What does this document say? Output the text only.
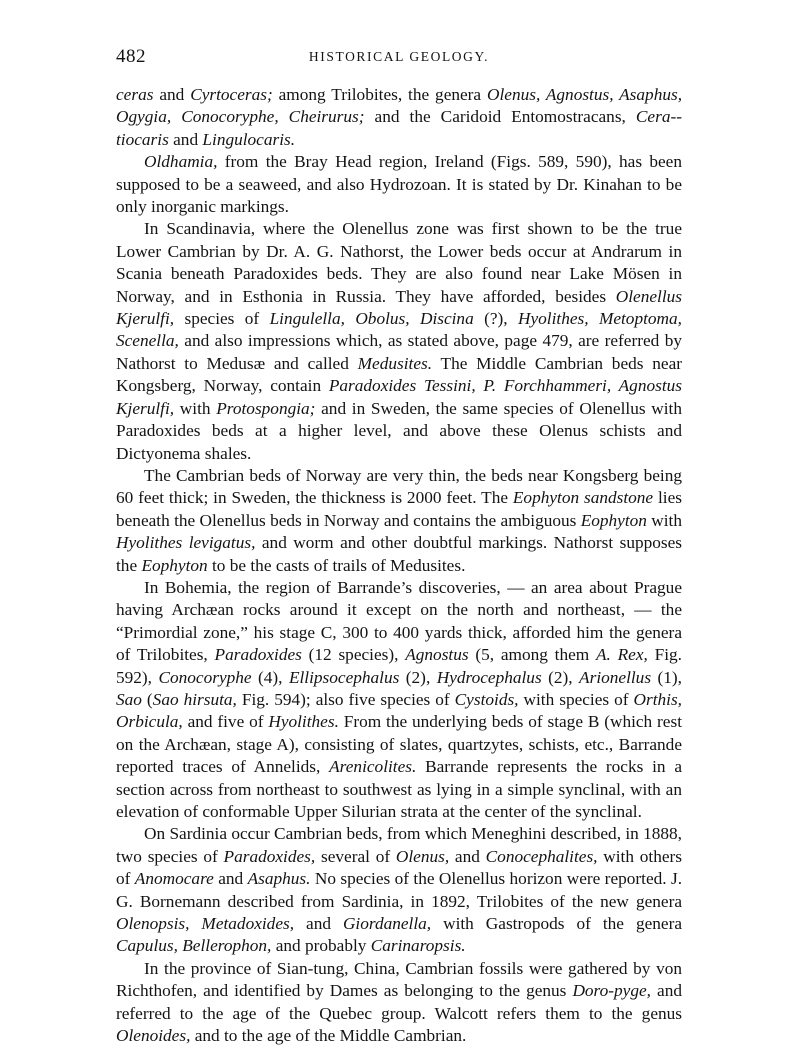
482	HISTORICAL GEOLOGY.

ceras and Cyrtoceras; among Trilobites, the genera Olenus, Agnostus, Asaphus, Ogygia, Conocoryphe, Cheirurus; and the Caridoid Entomostracans, Cera-tiocaris and Lingulocaris.

Oldhamia, from the Bray Head region, Ireland (Figs. 589, 590), has been supposed to be a seaweed, and also Hydrozoan. It is stated by Dr. Kinahan to be only inorganic markings.

In Scandinavia, where the Olenellus zone was first shown to be the true Lower Cambrian by Dr. A. G. Nathorst, the Lower beds occur at Andrarum in Scania beneath Paradoxides beds. They are also found near Lake Mösen in Norway, and in Esthonia in Russia. They have afforded, besides Olenellus Kjerulfi, species of Lingulella, Obolus, Discina (?), Hyolithes, Metoptoma, Scenella, and also impressions which, as stated above, page 479, are referred by Nathorst to Medusæ and called Medusites. The Middle Cambrian beds near Kongsberg, Norway, contain Paradoxides Tessini, P. Forchhammeri, Agnostus Kjerulfi, with Protospongia; and in Sweden, the same species of Olenellus with Paradoxides beds at a higher level, and above these Olenus schists and Dictyonema shales.

The Cambrian beds of Norway are very thin, the beds near Kongsberg being 60 feet thick; in Sweden, the thickness is 2000 feet. The Eophyton sandstone lies beneath the Olenellus beds in Norway and contains the ambiguous Eophyton with Hyolithes levigatus, and worm and other doubtful markings. Nathorst supposes the Eophyton to be the casts of trails of Medusites.

In Bohemia, the region of Barrande’s discoveries, — an area about Prague having Archæan rocks around it except on the north and northeast, — the “Primordial zone,” his stage C, 300 to 400 yards thick, afforded him the genera of Trilobites, Paradoxides (12 species), Agnostus (5, among them A. Rex, Fig. 592), Conocoryphe (4), Ellipsocephalus (2), Hydrocephalus (2), Arionellus (1), Sao (Sao hirsuta, Fig. 594); also five species of Cystoids, with species of Orthis, Orbicula, and five of Hyolithes. From the underlying beds of stage B (which rest on the Archæan, stage A), consisting of slates, quartzytes, schists, etc., Barrande reported traces of Annelids, Arenicolites. Barrande represents the rocks in a section across from northeast to southwest as lying in a simple synclinal, with an elevation of conformable Upper Silurian strata at the center of the synclinal.

On Sardinia occur Cambrian beds, from which Meneghini described, in 1888, two species of Paradoxides, several of Olenus, and Conocephalites, with others of Anomocare and Asaphus. No species of the Olenellus horizon were reported. J. G. Bornemann described from Sardinia, in 1892, Trilobites of the new genera Olenopsis, Metadoxides, and Giordanella, with Gastropods of the genera Capulus, Bellerophon, and probably Carinaropsis.

In the province of Sian-tung, China, Cambrian fossils were gathered by von Richthofen, and identified by Dames as belonging to the genus Doro-pyge, and referred to the age of the Quebec group. Walcott refers them to the genus Olenoides, and to the age of the Middle Cambrian.
